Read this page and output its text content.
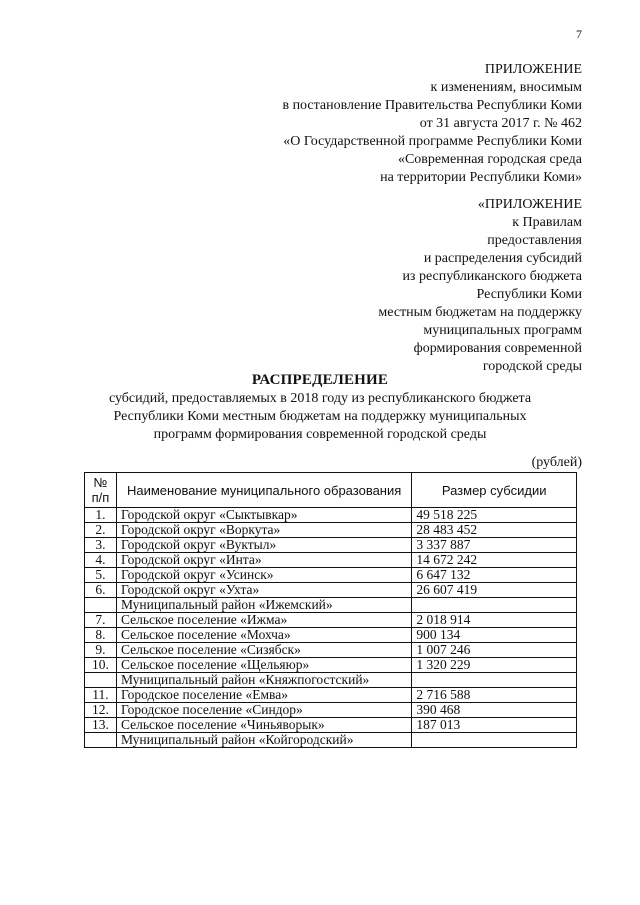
7
ПРИЛОЖЕНИЕ
к изменениям, вносимым
в постановление Правительства Республики Коми
от 31 августа 2017 г. № 462
«О Государственной программе Республики Коми
«Современная городская среда
на территории Республики Коми»
«ПРИЛОЖЕНИЕ
к Правилам
предоставления
и распределения субсидий
из республиканского бюджета
Республики Коми
местным бюджетам на поддержку
муниципальных программ
формирования современной
городской среды
РАСПРЕДЕЛЕНИЕ
субсидий, предоставляемых в 2018 году из республиканского бюджета
Республики Коми местным бюджетам на поддержку муниципальных
программ формирования современной городской среды
(рублей)
№ п/п	Наименование муниципального образования	Размер субсидии
1.	Городской округ «Сыктывкар»	49 518 225
2.	Городской округ «Воркута»	28 483 452
3.	Городской округ «Вуктыл»	3 337 887
4.	Городской округ «Инта»	14 672 242
5.	Городской округ «Усинск»	6 647 132
6.	Городской округ «Ухта»	26 607 419
	Муниципальный район «Ижемский»	
7.	Сельское поселение «Ижма»	2 018 914
8.	Сельское поселение «Мохча»	900 134
9.	Сельское поселение «Сизябск»	1 007 246
10.	Сельское поселение «Щельяюр»	1 320 229
	Муниципальный район «Княжпогостский»	
11.	Городское поселение «Емва»	2 716 588
12.	Городское поселение «Синдор»	390 468
13.	Сельское поселение «Чиньяворык»	187 013
	Муниципальный район «Койгородский»	
